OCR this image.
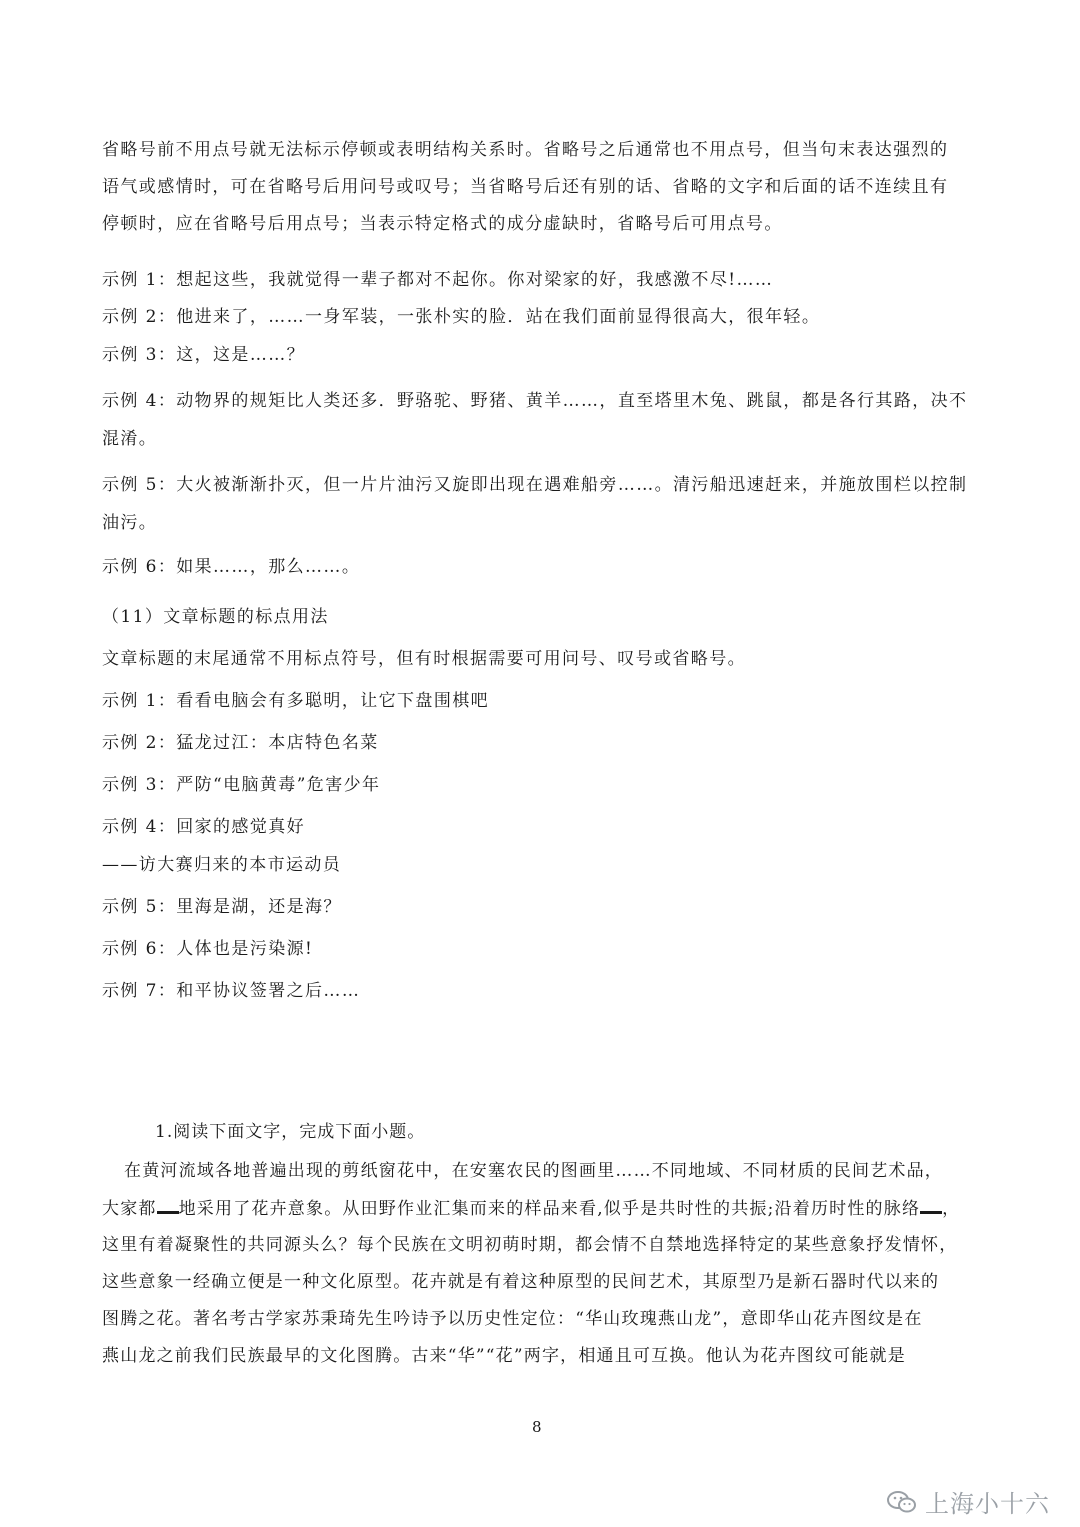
省略号前不用点号就无法标示停顿或表明结构关系时。省略号之后通常也不用点号，但当句末表达强烈的

语气或感情时，可在省略号后用问号或叹号；当省略号后还有别的话、省略的文字和后面的话不连续且有

停顿时，应在省略号后用点号；当表示特定格式的成分虚缺时，省略号后可用点号。

示例 1：想起这些，我就觉得一辈子都对不起你。你对梁家的好，我感激不尽!……

示例 2：他进来了，……一身军装，一张朴实的脸．站在我们面前显得很高大，很年轻。

示例 3：这，这是……？

示例 4：动物界的规矩比人类还多．野骆驼、野猪、黄羊……，直至塔里木兔、跳鼠，都是各行其路，决不

混淆。

示例 5：大火被渐渐扑灭，但一片片油污又旋即出现在遇难船旁……。清污船迅速赶来，并施放围栏以控制

油污。

示例 6：如果……，那么……。

（11）文章标题的标点用法
文章标题的末尾通常不用标点符号，但有时根据需要可用问号、叹号或省略号。

示例 1：看看电脑会有多聪明，让它下盘围棋吧

示例 2：猛龙过江：本店特色名菜

示例 3：严防“电脑黄毒”危害少年

示例 4：回家的感觉真好

——访大赛归来的本市运动员

示例 5：里海是湖，还是海？

示例 6：人体也是污染源!

示例 7：和平协议签署之后……

1.阅读下面文字，完成下面小题。

在黄河流域各地普遍出现的剪纸窗花中，在安塞农民的图画里……不同地域、不同材质的民间艺术品，

大家都 地采用了花卉意象。从田野作业汇集而来的样品来看,似乎是共时性的共振;沿着历时性的脉络 ，

这里有着凝聚性的共同源头么？每个民族在文明初萌时期，都会情不自禁地选择特定的某些意象抒发情怀，

这些意象一经确立便是一种文化原型。花卉就是有着这种原型的民间艺术，其原型乃是新石器时代以来的

图腾之花。著名考古学家苏秉琦先生吟诗予以历史性定位：“华山玫瑰燕山龙”，意即华山花卉图纹是在

燕山龙之前我们民族最早的文化图腾。古来“华”“花”两字，相通且可互换。他认为花卉图纹可能就是

8
上海小十六
